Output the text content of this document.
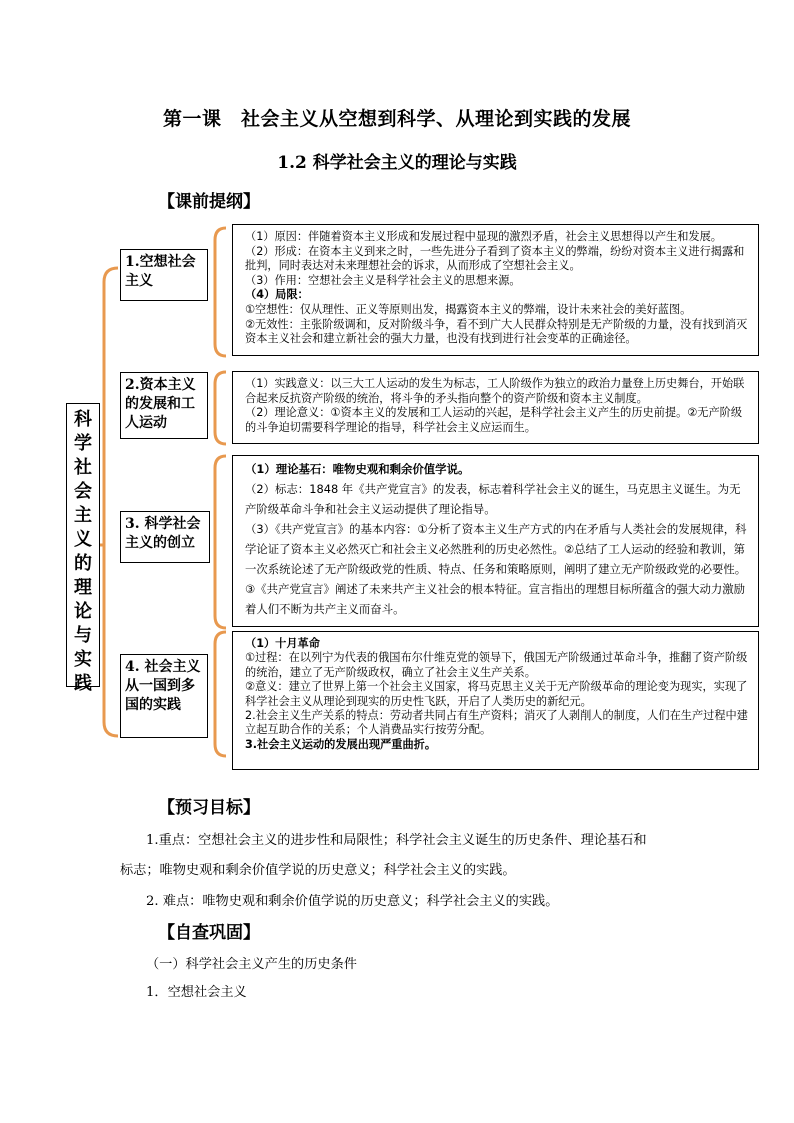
第一课　社会主义从空想到科学、从理论到实践的发展
1.2 科学社会主义的理论与实践
【课前提纲】
科
学
社
会
主
义
的
理
论
与
实
践
1.空想社会主义
2.资本主义的发展和工人运动
3. 科学社会主义的创立
4. 社会主义从一国到多国的实践

（1）原因：伴随着资本主义形成和发展过程中显现的激烈矛盾，社会主义思想得以产生和发展。

（2）形成：在资本主义到来之时，一些先进分子看到了资本主义的弊端，纷纷对资本主义进行揭露和批判，同时表达对未来理想社会的诉求，从而形成了空想社会主义。

（3）作用：空想社会主义是科学社会主义的思想来源。

（4）局限：

①空想性：仅从理性、正义等原则出发，揭露资本主义的弊端，设计未来社会的美好蓝图。

②无效性：主张阶级调和，反对阶级斗争，看不到广大人民群众特别是无产阶级的力量，没有找到消灭资本主义社会和建立新社会的强大力量，也没有找到进行社会变革的正确途径。

（1）实践意义：以三大工人运动的发生为标志，工人阶级作为独立的政治力量登上历史舞台，开始联合起来反抗资产阶级的统治，将斗争的矛头指向整个的资产阶级和资本主义制度。

（2）理论意义：①资本主义的发展和工人运动的兴起，是科学社会主义产生的历史前提。②无产阶级的斗争迫切需要科学理论的指导，科学社会主义应运而生。

（1）理论基石：唯物史观和剩余价值学说。

（2）标志：1848 年《共产党宣言》的发表，标志着科学社会主义的诞生，马克思主义诞生。为无产阶级革命斗争和社会主义运动提供了理论指导。

（3）《共产党宣言》的基本内容：①分析了资本主义生产方式的内在矛盾与人类社会的发展规律，科学论证了资本主义必然灭亡和社会主义必然胜利的历史必然性。②总结了工人运动的经验和教训，第一次系统论述了无产阶级政党的性质、特点、任务和策略原则，阐明了建立无产阶级政党的必要性。③《共产党宣言》阐述了未来共产主义社会的根本特征。宣言指出的理想目标所蕴含的强大动力激励着人们不断为共产主义而奋斗。

（1）十月革命

①过程：在以列宁为代表的俄国布尔什维克党的领导下，俄国无产阶级通过革命斗争，推翻了资产阶级的统治，建立了无产阶级政权，确立了社会主义生产关系。

②意义：建立了世界上第一个社会主义国家，将马克思主义关于无产阶级革命的理论变为现实，实现了科学社会主义从理论到现实的历史性飞跃，开启了人类历史的新纪元。

2.社会主义生产关系的特点：劳动者共同占有生产资料；消灭了人剥削人的制度，人们在生产过程中建立起互助合作的关系；个人消费品实行按劳分配。

3.社会主义运动的发展出现严重曲折。

【预习目标】
1.重点：空想社会主义的进步性和局限性；科学社会主义诞生的历史条件、理论基石和
标志；唯物史观和剩余价值学说的历史意义；科学社会主义的实践。
2. 难点：唯物史观和剩余价值学说的历史意义；科学社会主义的实践。
【自查巩固】
（一）科学社会主义产生的历史条件
1．空想社会主义
